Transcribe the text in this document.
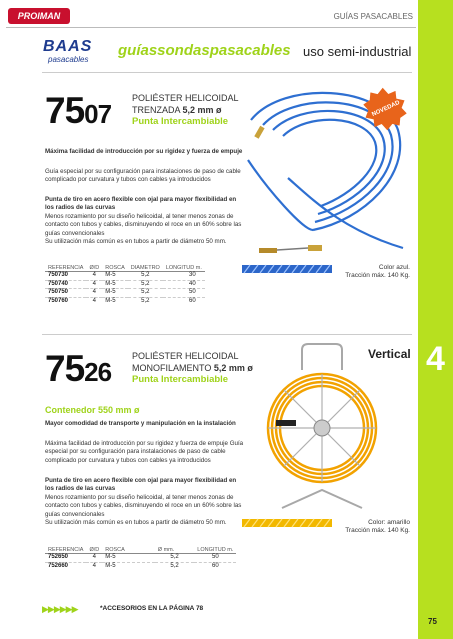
PROIMAN	GUÍAS PASACABLES
4
BAAS
pasacables
guíassondaspasacables uso semi-industrial
7507
POLIÉSTER HELICOIDAL
TRENZADA 5,2 mm ø
Punta Intercambiable
NOVEDAD
Máxima facilidad de introducción por su rigidez y fuerza de empuje
Guía especial por su configuración para instalaciones de paso de cable complicado por curvatura y tubos con cables ya introducidos
Punta de tiro en acero flexible con ojal para mayor flexibilidad en los radios de las curvas
Menos rozamiento por su diseño helicoidal, al tener menos zonas de contacto con tubos y cables, disminuyendo el roce en un 60% sobre las guías convencionales
Su utilización más común es en tubos a partir de diámetro 50 mm.
Color azul.
Tracción máx. 140 Kg.
REFERENCIA	Ø/D	ROSCA	DIAMETRO	LONGITUD m.
750730	4	M-5	5,2	30
750740	4	M-5	5,2	40
750750	4	M-5	5,2	50
750760	4	M-5	5,2	60
7526
POLIÉSTER HELICOIDAL
MONOFILAMENTO 5,2 mm ø
Punta Intercambiable
Vertical
Contenedor 550 mm ø
Mayor comodidad de transporte y manipulación en la instalación
Máxima facilidad de introducción por su rigidez y fuerza de empuje Guía especial por su configuración para instalaciones de paso de cable complicado por curvatura y tubos con cables ya introducidos
Punta de tiro en acero flexible con ojal para mayor flexibilidad en los radios de las curvas
Menos rozamiento por su diseño helicoidal, al tener menos zonas de contacto con tubos y cables, disminuyendo el roce en un 60% sobre las guías convencionales
Su utilización más común es en tubos a partir de diámetro 50 mm.	Color: amarillo
Tracción máx. 140 Kg.
REFERENCIA	Ø/D	ROSCA	Ø mm.	LONGITUD m.
752650	4	M-5	5,2	50
752660	4	M-5	5,2	60
▶▶▶▶▶▶	*ACCESORIOS EN LA PÁGINA 78
75
